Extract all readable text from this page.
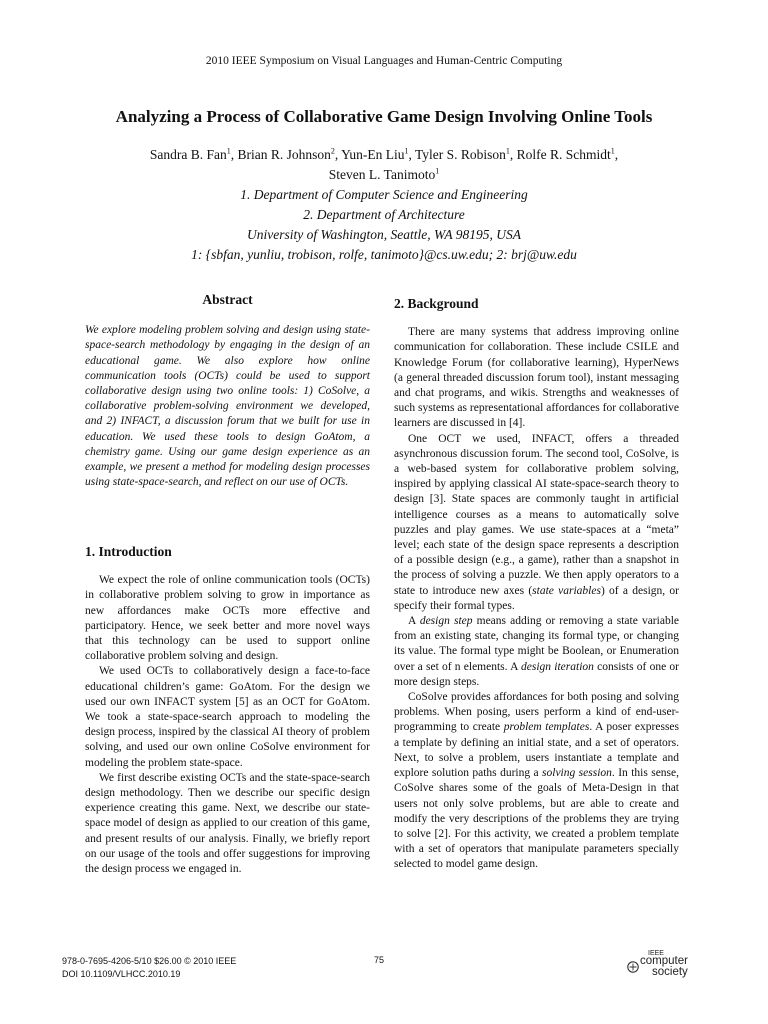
2010 IEEE Symposium on Visual Languages and Human-Centric Computing
Analyzing a Process of Collaborative Game Design Involving Online Tools
Sandra B. Fan$^1$, Brian R. Johnson$^2$, Yun-En Liu$^1$, Tyler S. Robison$^1$, Rolfe R. Schmidt$^1$,
Steven L. Tanimoto$^1$
1. Department of Computer Science and Engineering
2. Department of Architecture
University of Washington, Seattle, WA 98195, USA
1: {sbfan, yunliu, trobison, rolfe, tanimoto}@cs.uw.edu; 2: brj@uw.edu

Abstract

We explore modeling problem solving and design using state-space-search methodology by engaging in the design of an educational game. We also explore how online communication tools (OCTs) could be used to support collaborative design using two online tools: 1) CoSolve, a collaborative problem-solving environment we developed, and 2) INFACT, a discussion forum that we built for use in education. We used these tools to design GoAtom, a chemistry game. Using our game design experience as an example, we present a method for modeling design processes using state-space-search, and reflect on our use of OCTs.

1. Introduction

We expect the role of online communication tools (OCTs) in collaborative problem solving to grow in importance as new affordances make OCTs more effective and participatory. Hence, we seek better and more novel ways that this technology can be used to support online collaborative problem solving and design.

We used OCTs to collaboratively design a face-to-face educational children’s game: GoAtom. For the design we used our own INFACT system [5] as an OCT for GoAtom. We took a state-space-search approach to modeling the design process, inspired by the classical AI theory of problem solving, and used our own online CoSolve environment for modeling the problem state-space.

We first describe existing OCTs and the state-space-search design methodology. Then we describe our specific design experience creating this game. Next, we describe our state-space model of design as applied to our creation of this game, and present results of our analysis. Finally, we briefly report on our usage of the tools and offer suggestions for improving the design process we engaged in.

2. Background

There are many systems that address improving online communication for collaboration. These include CSILE and Knowledge Forum (for collaborative learning), HyperNews (a general threaded discussion forum tool), instant messaging and chat programs, and wikis. Strengths and weaknesses of such systems as representational affordances for collaborative learners are discussed in [4].

One OCT we used, INFACT, offers a threaded asynchronous discussion forum. The second tool, CoSolve, is a web-based system for collaborative problem solving, inspired by applying classical AI state-space-search theory to design [3]. State spaces are commonly taught in artificial intelligence courses as a means to automatically solve puzzles and play games. We use state-spaces at a “meta” level; each state of the design space represents a description of a possible design (e.g., a game), rather than a snapshot in the process of solving a puzzle. We then apply operators to a state to introduce new axes (state variables) of a design, or specify their formal types.

A design step means adding or removing a state variable from an existing state, changing its formal type, or changing its value. The formal type might be Boolean, or Enumeration over a set of n elements. A design iteration consists of one or more design steps.

CoSolve provides affordances for both posing and solving problems. When posing, users perform a kind of end-user-programming to create problem templates. A poser expresses a template by defining an initial state, and a set of operators. Next, to solve a problem, users instantiate a template and explore solution paths during a solving session. In this sense, CoSolve shares some of the goals of Meta-Design in that users not only solve problems, but are able to create and modify the very descriptions of the problems they are trying to solve [2]. For this activity, we created a problem template with a set of operators that manipulate parameters specially selected to model game design.

978-0-7695-4206-5/10 $26.00 © 2010 IEEE
DOI 10.1109/VLHCC.2010.19
75
IEEE
computer
society
